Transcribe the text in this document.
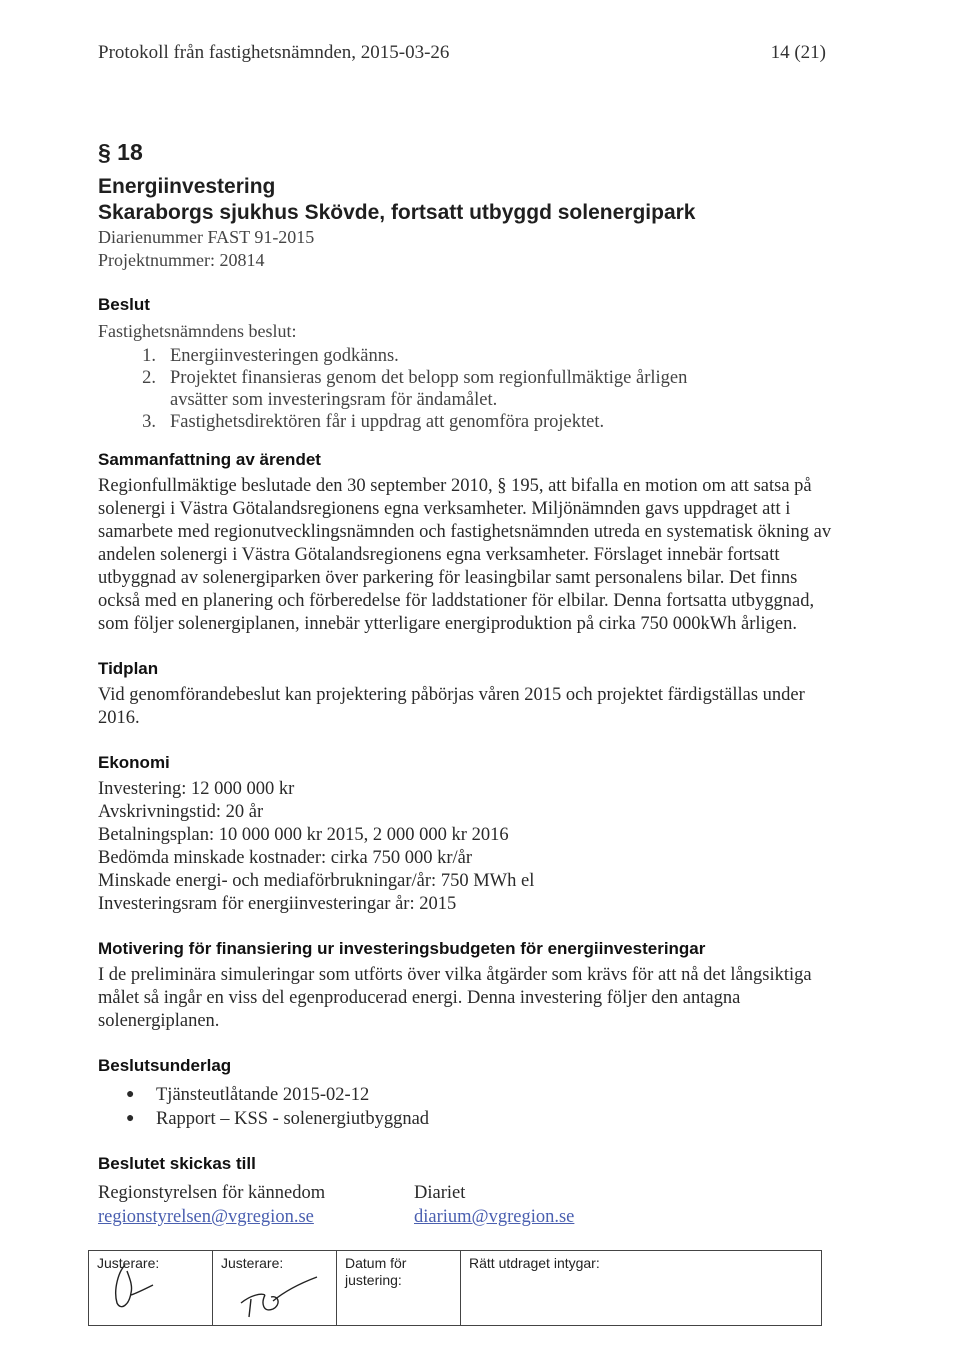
Protokoll från fastighetsnämnden, 2015-03-26	14 (21)
§ 18
Energiinvestering
Skaraborgs sjukhus Skövde, fortsatt utbyggd solenergipark
Diarienummer FAST 91-2015
Projektnummer: 20814
Beslut
Fastighetsnämndens beslut:
1. Energiinvesteringen godkänns.
2. Projektet finansieras genom det belopp som regionfullmäktige årligen avsätter som investeringsram för ändamålet.
3. Fastighetsdirektören får i uppdrag att genomföra projektet.
Sammanfattning av ärendet
Regionfullmäktige beslutade den 30 september 2010, § 195, att bifalla en motion om att satsa på solenergi i Västra Götalandsregionens egna verksamheter. Miljönämnden gavs uppdraget att i samarbete med regionutvecklingsnämnden och fastighetsnämnden utreda en systematisk ökning av andelen solenergi i Västra Götalandsregionens egna verksamheter. Förslaget innebär fortsatt utbyggnad av solenergiparken över parkering för leasingbilar samt personalens bilar. Det finns också med en planering och förberedelse för laddstationer för elbilar. Denna fortsatta utbyggnad, som följer solenergiplanen, innebär ytterligare energiproduktion på cirka 750 000kWh årligen.
Tidplan
Vid genomförandebeslut kan projektering påbörjas våren 2015 och projektet färdigställas under 2016.
Ekonomi
Investering: 12 000 000 kr
Avskrivningstid: 20 år
Betalningsplan: 10 000 000 kr 2015, 2 000 000 kr 2016
Bedömda minskade kostnader: cirka 750 000 kr/år
Minskade energi- och mediaförbrukningar/år: 750 MWh el
Investeringsram för energiinvesteringar år: 2015
Motivering för finansiering ur investeringsbudgeten för energiinvesteringar
I de preliminära simuleringar som utförts över vilka åtgärder som krävs för att nå det långsiktiga målet så ingår en viss del egenproducerad energi. Denna investering följer den antagna solenergiplanen.
Beslutsunderlag
●	Tjänsteutlåtande 2015-02-12
●	Rapport – KSS - solenergiutbyggnad
Beslutet skickas till
Regionstyrelsen för kännedom
regionstyrelsen@vgregion.se
Diariet
diarium@vgregion.se
Justerare:	Justerare:	Datum för justering:
Rätt utdraget intygar:
